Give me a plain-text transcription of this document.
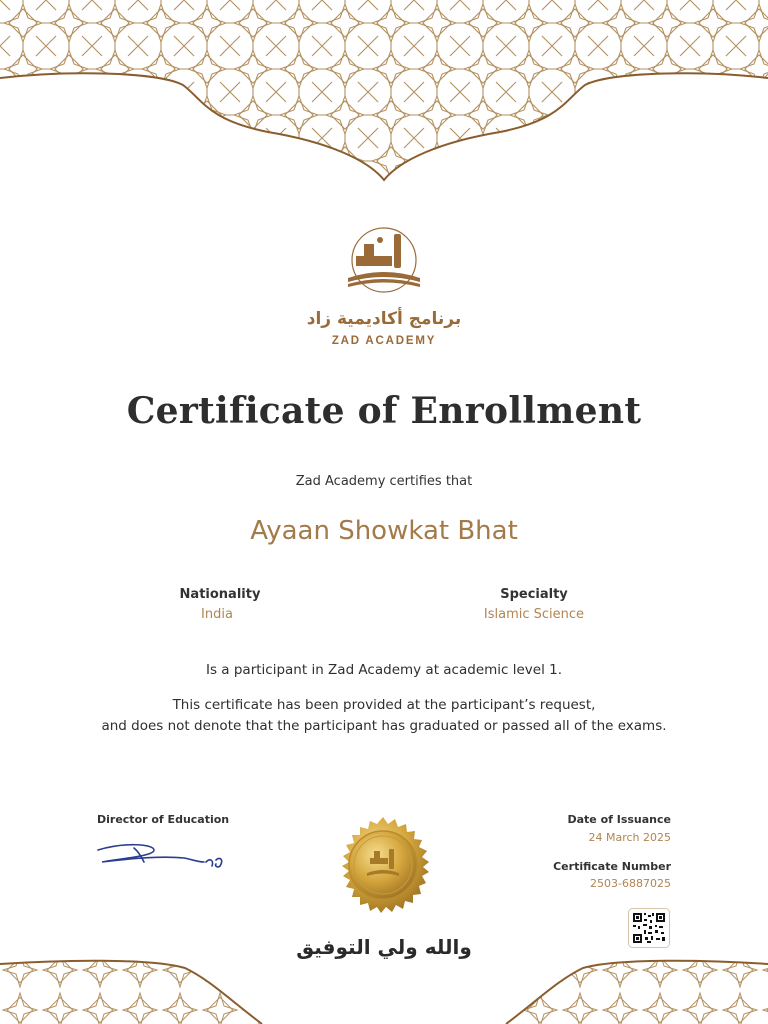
برنامج أكاديمية زاد
ZAD ACADEMY
Certificate of Enrollment
Zad Academy certifies that
Ayaan Showkat Bhat
Nationality
India
Specialty
Islamic Science
Is a participant in Zad Academy at academic level 1.
This certificate has been provided at the participant’s request,
and does not denote that the participant has graduated or passed all of the exams.
Director of Education
والله ولي التوفيق
Date of Issuance
24 March 2025
Certificate Number
2503-6887025
